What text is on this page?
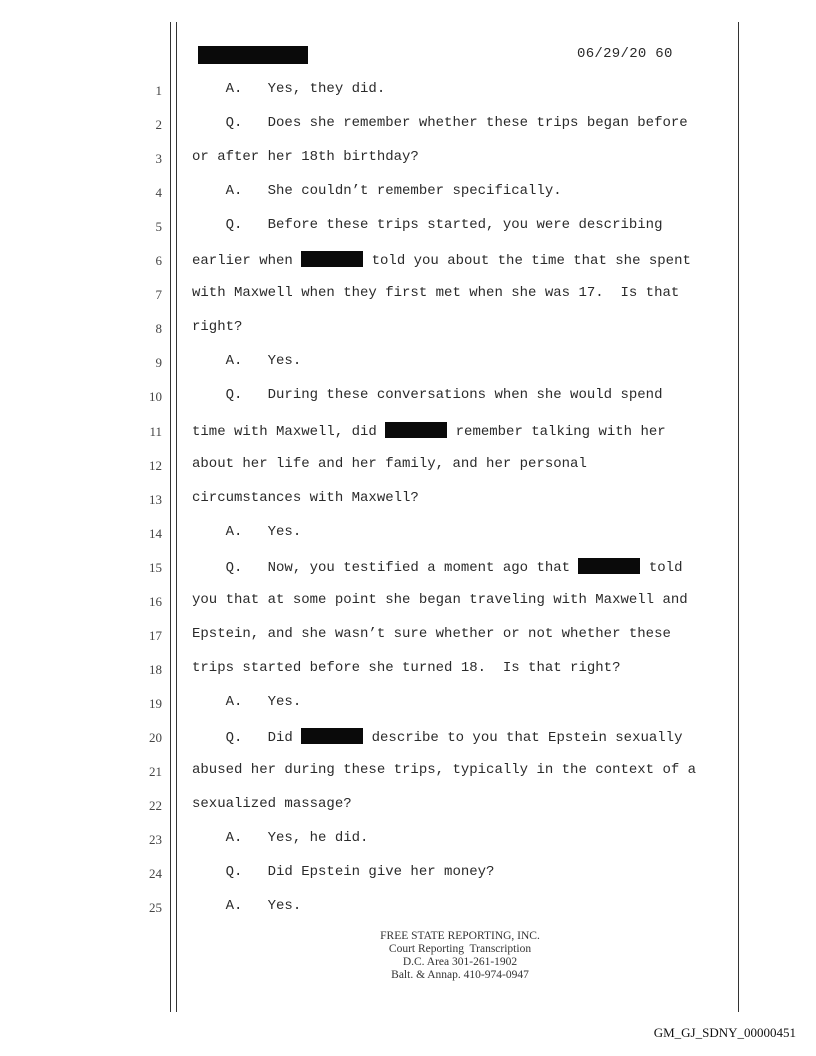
06/29/20 60
1 A.   Yes, they did.
2 Q.   Does she remember whether these trips began before
3 or after her 18th birthday?
4 A.   She couldn’t remember specifically.
5 Q.   Before these trips started, you were describing
6 earlier when	told you about the time that she spent
7 with Maxwell when they first met when she was 17.  Is that
8 right?
9 A.   Yes.
10 Q.   During these conversations when she would spend
11 time with Maxwell, did	remember talking with her
12 about her life and her family, and her personal
13 circumstances with Maxwell?
14 A.   Yes.
15 Q.   Now, you testified a moment ago that	told
16 you that at some point she began traveling with Maxwell and
17 Epstein, and she wasn’t sure whether or not whether these
18 trips started before she turned 18.  Is that right?
19 A.   Yes.
20 Q.   Did	describe to you that Epstein sexually
21 abused her during these trips, typically in the context of a
22 sexualized massage?
23 A.   Yes, he did.
24 Q.   Did Epstein give her money?
25 A.   Yes.
FREE STATE REPORTING, INC.
Court Reporting  Transcription
D.C. Area 301-261-1902
Balt. & Annap. 410-974-0947
GM_GJ_SDNY_00000451
